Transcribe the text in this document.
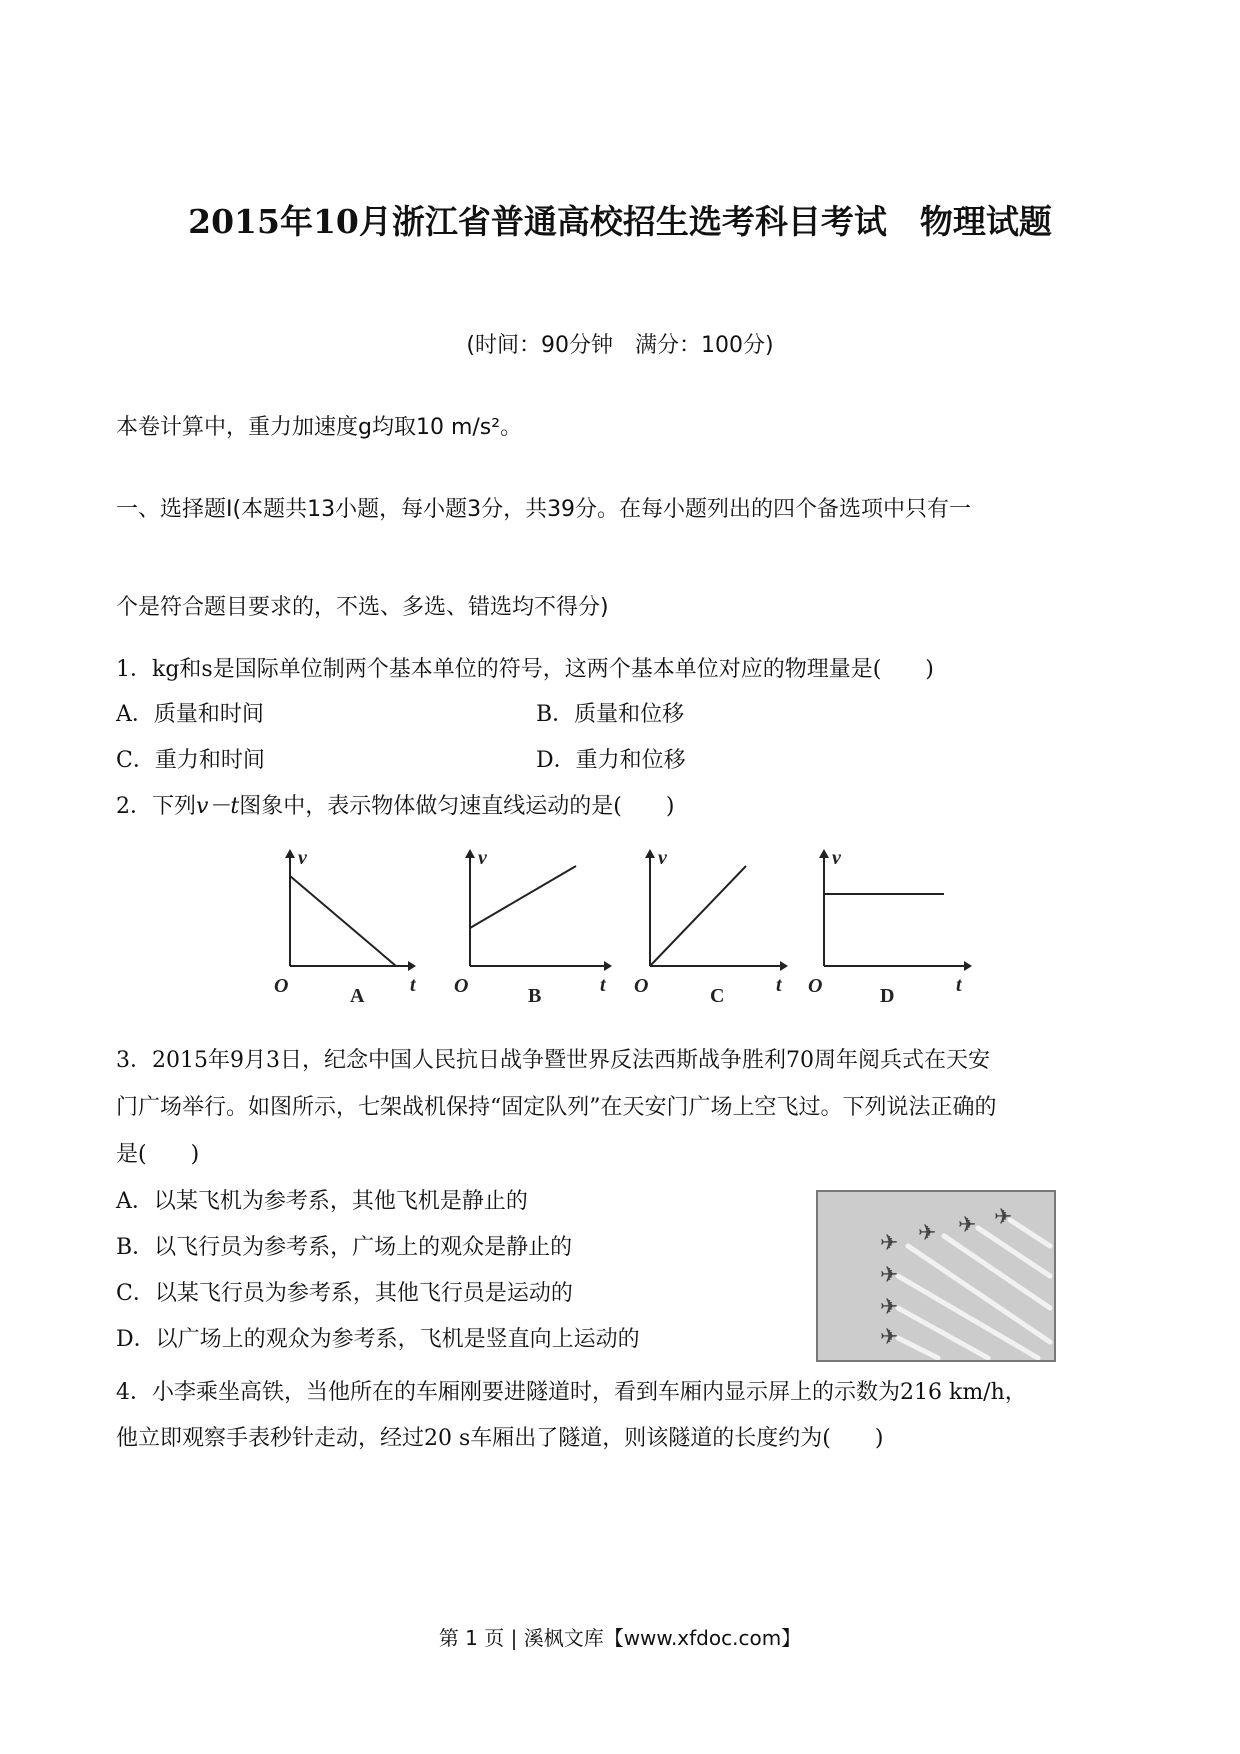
2015年10月浙江省普通高校招生选考科目考试　物理试题
(时间：90分钟　满分：100分)
本卷计算中，重力加速度g均取10 m/s²。
一、选择题Ⅰ(本题共13小题，每小题3分，共39分。在每小题列出的四个备选项中只有一
个是符合题目要求的，不选、多选、错选均不得分)
1．kg和s是国际单位制两个基本单位的符号，这两个基本单位对应的物理量是(　　)
A．质量和时间	B．质量和位移
C．重力和时间	D．重力和位移
2．下列v－t图象中，表示物体做匀速直线运动的是(　　)
v
t
O	A
v
t
O	B
v
t
O	C
v
t
O	D
3．2015年9月3日，纪念中国人民抗日战争暨世界反法西斯战争胜利70周年阅兵式在天安
门广场举行。如图所示，七架战机保持“固定队列”在天安门广场上空飞过。下列说法正确的
是(　　)
A．以某飞机为参考系，其他飞机是静止的
B．以飞行员为参考系，广场上的观众是静止的
C．以某飞行员为参考系，其他飞行员是运动的
D．以广场上的观众为参考系，飞机是竖直向上运动的
✈ ✈ ✈ ✈
✈
✈
✈
4．小李乘坐高铁，当他所在的车厢刚要进隧道时，看到车厢内显示屏上的示数为216 km/h，
他立即观察手表秒针走动，经过20 s车厢出了隧道，则该隧道的长度约为(　　)
第 1 页 | 溪枫文库【www.xfdoc.com】
